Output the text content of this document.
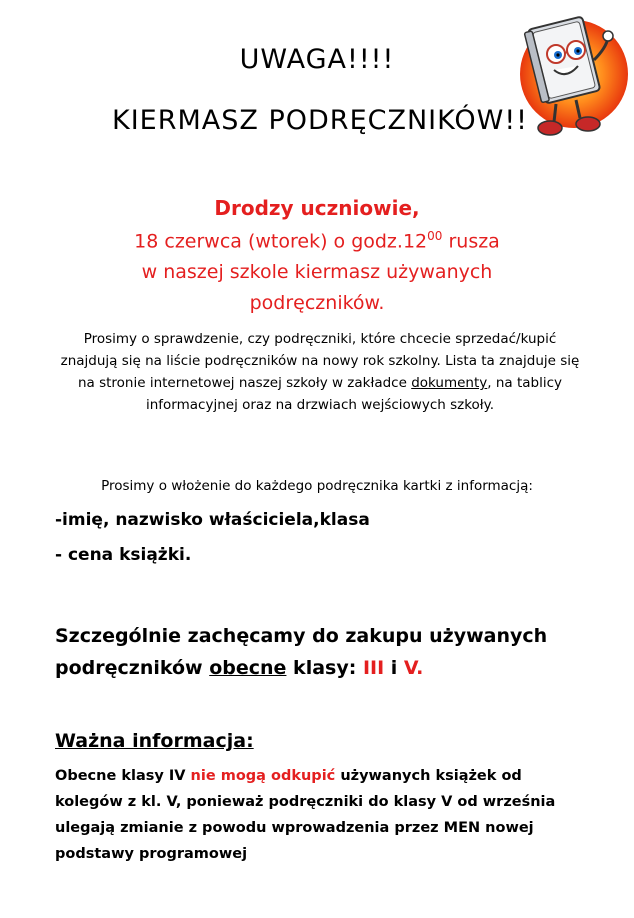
UWAGA!!!!
KIERMASZ PODRĘCZNIKÓW!!
Drodzy uczniowie,
18 czerwca (wtorek) o $godz.12^{00}$ rusza
w naszej szkole kiermasz używanych
podręczników.
Prosimy o sprawdzenie, czy podręczniki, które chcecie sprzedać/kupić znajdują się na liście podręczników na nowy rok szkolny. Lista ta znajduje się na stronie internetowej naszej szkoły w zakładce dokumenty, na tablicy informacyjnej oraz na drzwiach wejściowych szkoły.
Prosimy o włożenie do każdego podręcznika kartki z informacją:
-imię, nazwisko właściciela,klasa
- cena książki.
Szczególnie zachęcamy do zakupu używanych podręczników obecne klasy: III i V.
Ważna informacja:
Obecne klasy IV nie mogą odkupić używanych książek od kolegów z kl. V, ponieważ podręczniki do klasy V od września ulegają zmianie z powodu wprowadzenia przez MEN nowej podstawy programowej
